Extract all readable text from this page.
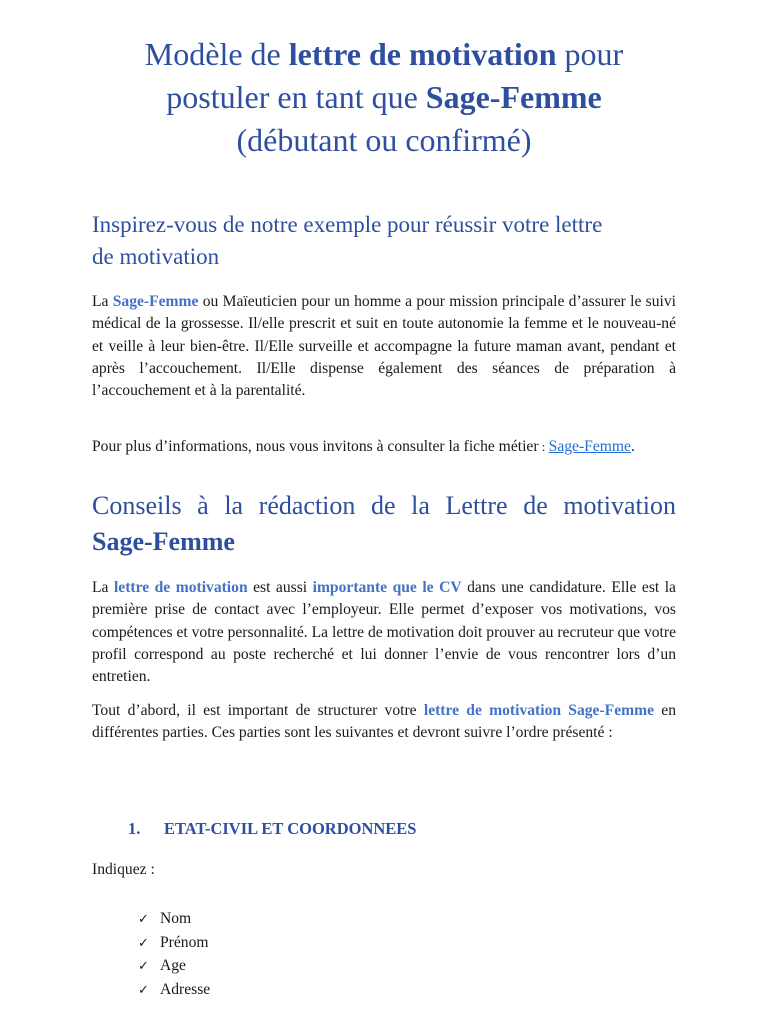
Modèle de lettre de motivation pour
postuler en tant que Sage-Femme
(débutant ou confirmé)
Inspirez-vous de notre exemple pour réussir votre lettre
de motivation

La Sage-Femme ou Maïeuticien pour un homme a pour mission principale d’assurer le suivi médical de la grossesse. Il/elle prescrit et suit en toute autonomie la femme et le nouveau-né et veille à leur bien-être. Il/Elle surveille et accompagne la future maman avant, pendant et après l’accouchement. Il/Elle dispense également des séances de préparation à l’accouchement et à la parentalité.

Pour plus d’informations, nous vous invitons à consulter la fiche métier : Sage-Femme.

Conseils à la rédaction de la Lettre de motivation
Sage-Femme

La lettre de motivation est aussi importante que le CV dans une candidature. Elle est la première prise de contact avec l’employeur. Elle permet d’exposer vos motivations, vos compétences et votre personnalité. La lettre de motivation doit prouver au recruteur que votre profil correspond au poste recherché et lui donner l’envie de vous rencontrer lors d’un entretien.

Tout d’abord, il est important de structurer votre lettre de motivation Sage-Femme en différentes parties. Ces parties sont les suivantes et devront suivre l’ordre présenté :

1. ETAT-CIVIL ET COORDONNEES

Indiquez :

✓ Nom
✓ Prénom
✓ Age
✓ Adresse
